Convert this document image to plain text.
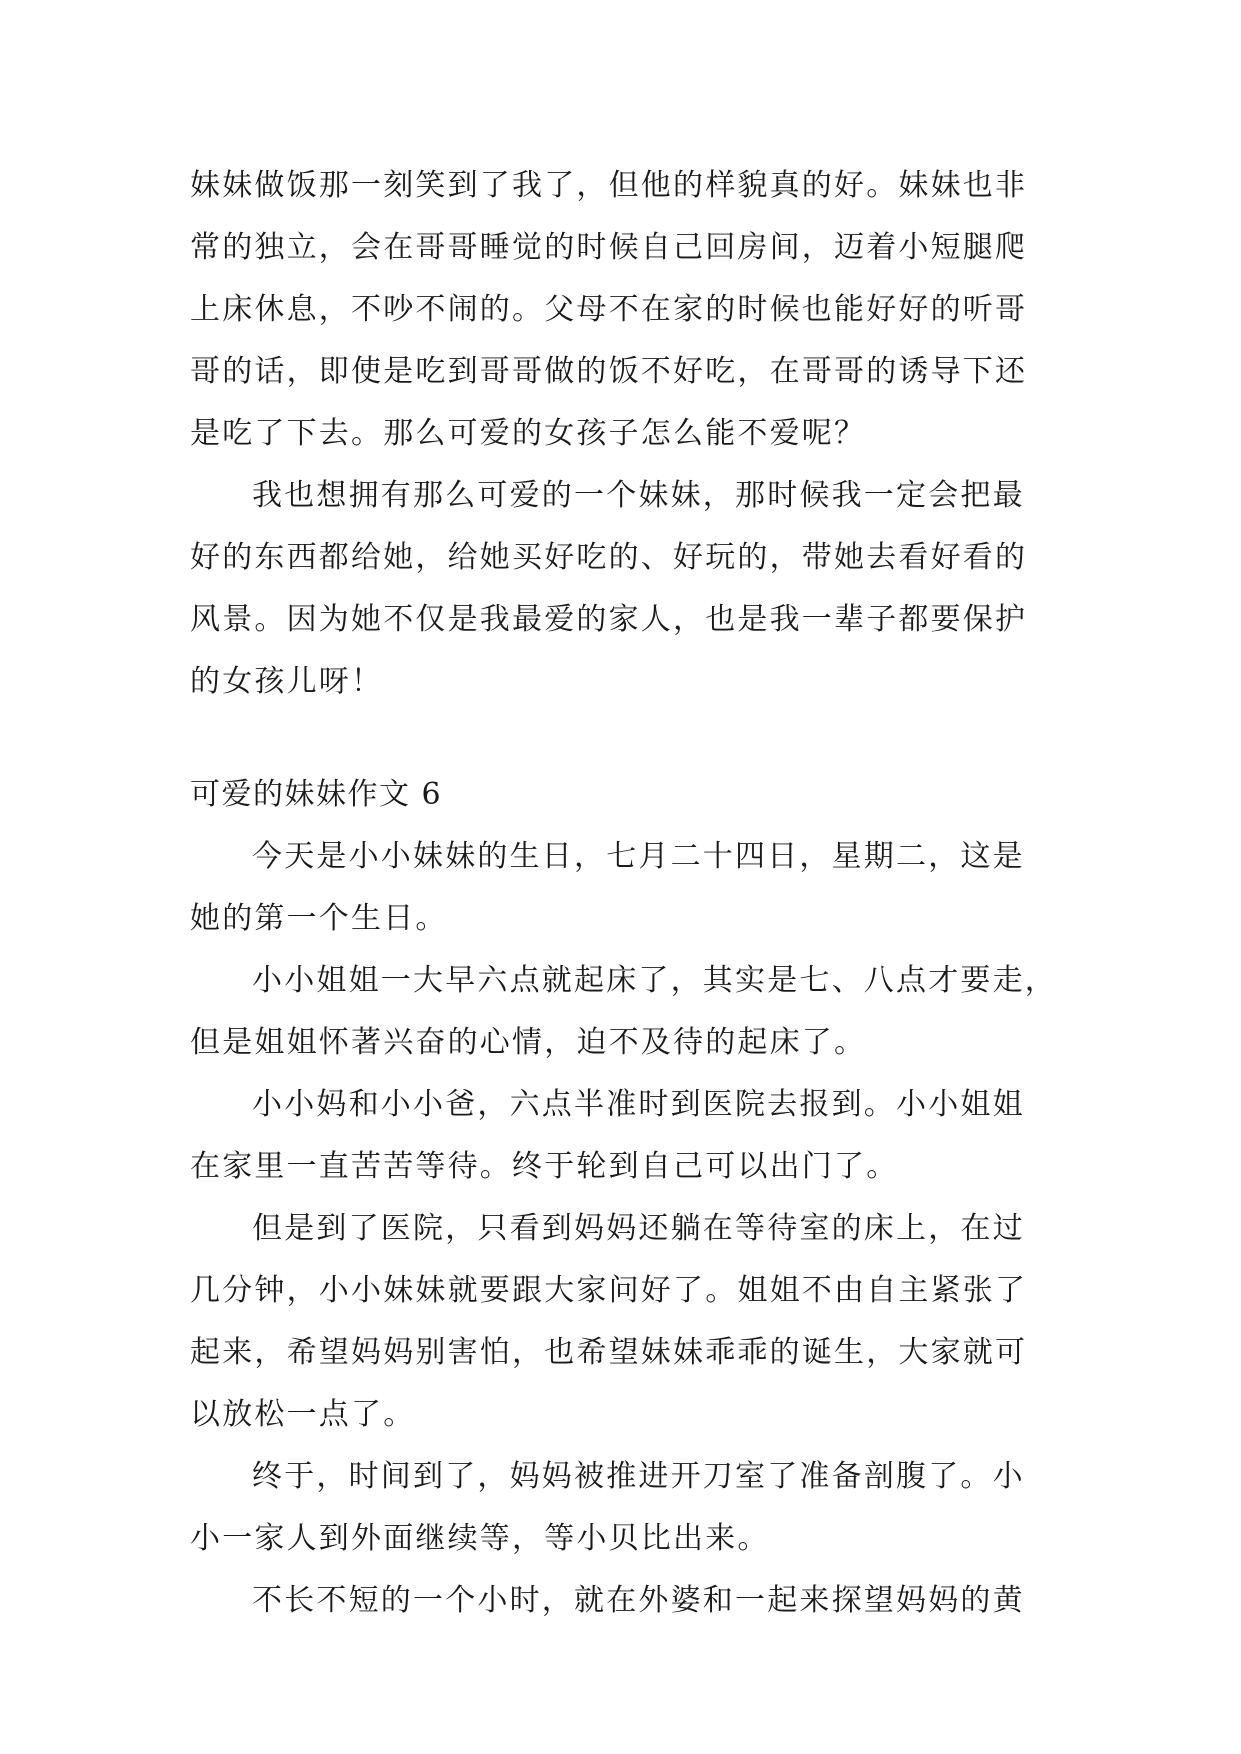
妹妹做饭那一刻笑到了我了，但他的样貌真的好。妹妹也非
常的独立，会在哥哥睡觉的时候自己回房间，迈着小短腿爬
上床休息，不吵不闹的。父母不在家的时候也能好好的听哥
哥的话，即使是吃到哥哥做的饭不好吃，在哥哥的诱导下还
是吃了下去。那么可爱的女孩子怎么能不爱呢？
我也想拥有那么可爱的一个妹妹，那时候我一定会把最
好的东西都给她，给她买好吃的、好玩的，带她去看好看的
风景。因为她不仅是我最爱的家人，也是我一辈子都要保护
的女孩儿呀！
可爱的妹妹作文 6
今天是小小妹妹的生日，七月二十四日，星期二，这是
她的第一个生日。
小小姐姐一大早六点就起床了，其实是七、八点才要走，
但是姐姐怀著兴奋的心情，迫不及待的起床了。
小小妈和小小爸，六点半准时到医院去报到。小小姐姐
在家里一直苦苦等待。终于轮到自己可以出门了。
但是到了医院，只看到妈妈还躺在等待室的床上，在过
几分钟，小小妹妹就要跟大家问好了。姐姐不由自主紧张了
起来，希望妈妈别害怕，也希望妹妹乖乖的诞生，大家就可
以放松一点了。
终于，时间到了，妈妈被推进开刀室了准备剖腹了。小
小一家人到外面继续等，等小贝比出来。
不长不短的一个小时，就在外婆和一起来探望妈妈的黄
